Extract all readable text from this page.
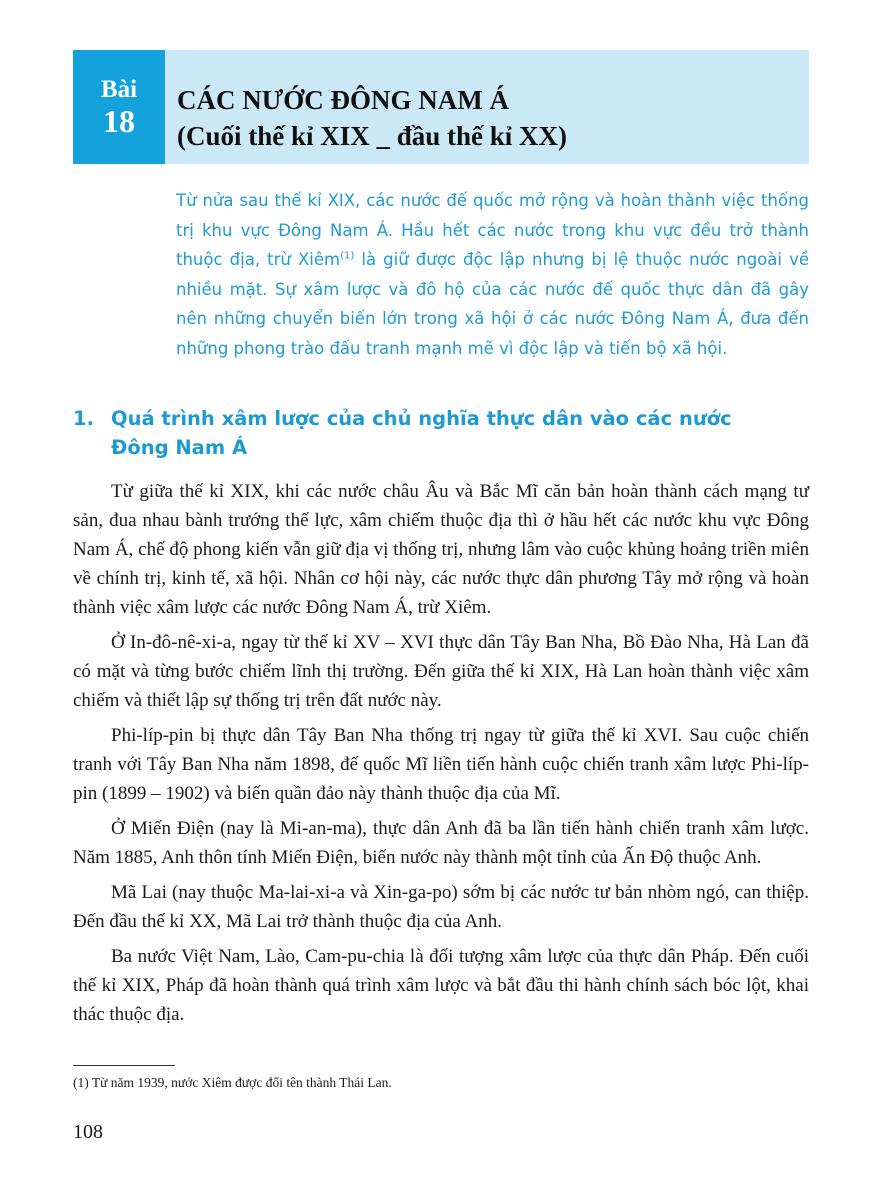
Bài
18
CÁC NƯỚC ĐÔNG NAM Á
(Cuối thế kỉ XIX _ đầu thế kỉ XX)
Từ nửa sau thế kỉ XIX, các nước đế quốc mở rộng và hoàn thành việc thống trị khu vực Đông Nam Á. Hầu hết các nước trong khu vực đều trở thành thuộc địa, trừ Xiêm$^{(1)}$ là giữ được độc lập nhưng bị lệ thuộc nước ngoài về nhiều mặt. Sự xâm lược và đô hộ của các nước đế quốc thực dân đã gây nên những chuyển biến lớn trong xã hội ở các nước Đông Nam Á, đưa đến những phong trào đấu tranh mạnh mẽ vì độc lập và tiến bộ xã hội.
1. Quá trình xâm lược của chủ nghĩa thực dân vào các nước
Đông Nam Á

Từ giữa thế kỉ XIX, khi các nước châu Âu và Bắc Mĩ căn bản hoàn thành cách mạng tư sản, đua nhau bành trướng thế lực, xâm chiếm thuộc địa thì ở hầu hết các nước khu vực Đông Nam Á, chế độ phong kiến vẫn giữ địa vị thống trị, nhưng lâm vào cuộc khủng hoảng triền miên về chính trị, kinh tế, xã hội. Nhân cơ hội này, các nước thực dân phương Tây mở rộng và hoàn thành việc xâm lược các nước Đông Nam Á, trừ Xiêm.

Ở In-đô-nê-xi-a, ngay từ thế kỉ XV – XVI thực dân Tây Ban Nha, Bồ Đào Nha, Hà Lan đã có mặt và từng bước chiếm lĩnh thị trường. Đến giữa thế kỉ XIX, Hà Lan hoàn thành việc xâm chiếm và thiết lập sự thống trị trên đất nước này.

Phi-líp-pin bị thực dân Tây Ban Nha thống trị ngay từ giữa thế kỉ XVI. Sau cuộc chiến tranh với Tây Ban Nha năm 1898, đế quốc Mĩ liền tiến hành cuộc chiến tranh xâm lược Phi-líp-pin (1899 – 1902) và biến quần đảo này thành thuộc địa của Mĩ.

Ở Miến Điện (nay là Mi-an-ma), thực dân Anh đã ba lần tiến hành chiến tranh xâm lược. Năm 1885, Anh thôn tính Miến Điện, biến nước này thành một tỉnh của Ấn Độ thuộc Anh.

Mã Lai (nay thuộc Ma-lai-xi-a và Xin-ga-po) sớm bị các nước tư bản nhòm ngó, can thiệp. Đến đầu thế kỉ XX, Mã Lai trở thành thuộc địa của Anh.

Ba nước Việt Nam, Lào, Cam-pu-chia là đối tượng xâm lược của thực dân Pháp. Đến cuối thế kỉ XIX, Pháp đã hoàn thành quá trình xâm lược và bắt đầu thi hành chính sách bóc lột, khai thác thuộc địa.

(1) Từ năm 1939, nước Xiêm được đổi tên thành Thái Lan.
108
